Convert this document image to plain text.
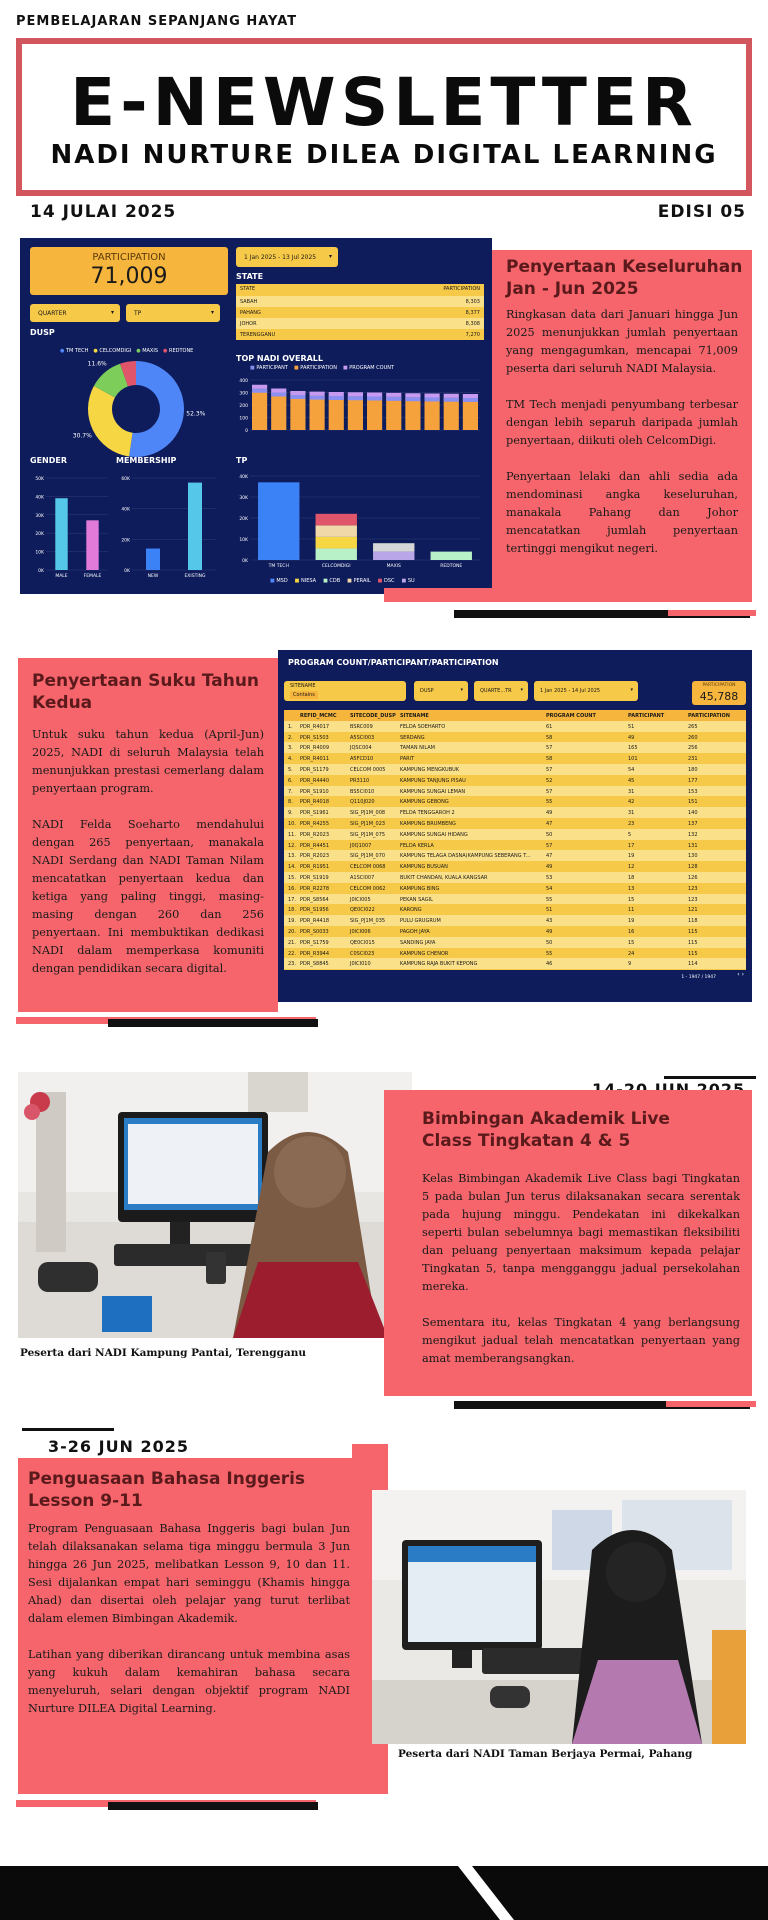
PEMBELAJARAN SEPANJANG HAYAT
E-NEWSLETTER
NADI NURTURE DILEA DIGITAL LEARNING
14 JULAI 2025	EDISI 05
PARTICIPATION
71,009
1 Jan 2025 - 13 Jul 2025 ▾
QUARTER	▾	TP	▾
DUSP
● TM TECH ● CELCOMDIGI ● MAXIS ● REDTONE
52.3%
30.7%
11.6%
STATE
STATE	PARTICIPATION
SABAH	8,303
PAHANG	8,377
JOHOR	8,308
TERENGGANU	7,270
TOP NADI OVERALL
■ PARTICIPANT ■ PARTICIPATION ■ PROGRAM COUNT
0
100
200
300
400
GENDER
0K
10K
20K
30K
40K
50K
MALE	FEMALE
MEMBERSHIP
0K
20K
40K
60K
NEW	EXISTING
TP
0K
10K
20K
30K
40K
TM TECH	CELCOMDIGI	MAXIS	REDTONE
■ MSD ■ NIESA ■ CDB ■ PERAIL ■ DSC ■ SU
Penyertaan Keseluruhan Jan - Jun 2025

Ringkasan data dari Januari hingga Jun 2025 menunjukkan jumlah penyertaan yang mengagumkan, mencapai 71,009 peserta dari seluruh NADI Malaysia.

TM Tech menjadi penyumbang terbesar dengan lebih separuh daripada jumlah penyertaan, diikuti oleh CelcomDigi.

Penyertaan lelaki dan ahli sedia ada mendominasi angka keseluruhan, manakala Pahang dan Johor mencatatkan jumlah penyertaan tertinggi mengikut negeri.

Penyertaan Suku Tahun Kedua

Untuk suku tahun kedua (April-Jun) 2025, NADI di seluruh Malaysia telah menunjukkan prestasi cemerlang dalam penyertaan program.

NADI Felda Soeharto mendahului dengan 265 penyertaan, manakala NADI Serdang dan NADI Taman Nilam mencatatkan penyertaan kedua dan ketiga yang paling tinggi, masing-masing dengan 260 dan 256 penyertaan. Ini membuktikan dedikasi NADI dalam memperkasa komuniti dengan pendidikan secara digital.

PROGRAM COUNT/PARTICIPANT/PARTICIPATION
SITENAME
Contains
DUSP	▾	QUARTE...TR ▾	1 Jan 2025 - 14 Jul 2025	▾
PARTICIPATION
45,788
REFID_MCMC	SITECODE_DUSP SITENAME	PROGRAM COUNT	PARTICIPANT	PARTICIPATION
1. PDR_R4017	BSRC009	FELDA SOEHARTO	61	51	265
2. PDR_S1503	A5SCI003	SERDANG	58	49	260
3. PDR_R4009	JQSC004	TAMAN NILAM	57	165	256
4. PDR_R4011	A5FCD10	PARIT	58	101	231
5. PDR_S1179	CELCOM 0005	KAMPUNG MENGKUBUK	57	54	180
6. PDR_R4440	PR3110	KAMPUNG TANJUNG PISAU	52	45	177
7. PDR_S1910	BS5CI010	KAMPUNG SUNGAI LEMAN	57	31	153
8. PDR_R4018	Q110J020	KAMPUNG GEBONG	55	42	151
9. PDR_S1961	SIG_PJ1M_008	FELDA TENGGAROH 2	49	31	140
10. PDR_R4255	SIG_PJ1M_023	KAMPUNG BRUMBENG	47	23	137
11. PDR_R2023	SIG_PJ1M_075	KAMPUNG SUNGAI HIDANG	50	5	132
12. PDR_R4451	J0Q1007	FELDA KERLA	57	17	131
13. PDR_R2023	SIG_PJ1M_070	KAMPUNG TELAGA DASNA(KAMPUNG SEBERANG T...	47	19	130
14. PDR_R1951	CELCOM 0068	KAMPUNG BUSUAN	49	12	128
15. PDR_S1919	A1SCI007	BUKIT CHANDAN, KUALA KANGSAR	53	18	126
16. PDR_R2278	CELCOM 0062	KAMPUNG BING	54	13	123
17. PDR_S8564	J0ICI005	PEKAN SAGIL	55	15	123
18. PDR_S1956	QE0CI022	KARONG	51	11	121
19. PDR_R4418	SIG_PJ1M_035	PULU GRUGRUM	43	19	118
20. PDR_S0033	J0ICI006	PAGOH JAYA	49	16	115
21. PDR_S1759	QE0CI015	SANDING JAYA	50	15	115
22. PDR_R3944	C0SCI023	KAMPUNG CHENOR	55	24	115
23. PDR_S8845	J0ICI010	KAMPUNG RAJA BUKIT KEPONG	46	9	114
1 - 1947 / 1947	‹ ›
Peserta dari NADI Kampung Pantai, Terengganu
Bimbingan Akademik Live Class Tingkatan 4 & 5

Kelas Bimbingan Akademik Live Class bagi Tingkatan 5 pada bulan Jun terus dilaksanakan secara serentak pada hujung minggu. Pendekatan ini dikekalkan seperti bulan sebelumnya bagi memastikan fleksibiliti dan peluang penyertaan maksimum kepada pelajar Tingkatan 5, tanpa mengganggu jadual persekolahan mereka.

Sementara itu, kelas Tingkatan 4 yang berlangsung mengikut jadual telah mencatatkan penyertaan yang amat memberangsangkan.

3-26 JUN 2025
Penguasaan Bahasa Inggeris Lesson 9-11

Program Penguasaan Bahasa Inggeris bagi bulan Jun telah dilaksanakan selama tiga minggu bermula 3 Jun hingga 26 Jun 2025, melibatkan Lesson 9, 10 dan 11. Sesi dijalankan empat hari seminggu (Khamis hingga Ahad) dan disertai oleh pelajar yang turut terlibat dalam elemen Bimbingan Akademik.

Latihan yang diberikan dirancang untuk membina asas yang kukuh dalam kemahiran bahasa secara menyeluruh, selari dengan objektif program NADI Nurture DILEA Digital Learning.

Peserta dari NADI Taman Berjaya Permai, Pahang
